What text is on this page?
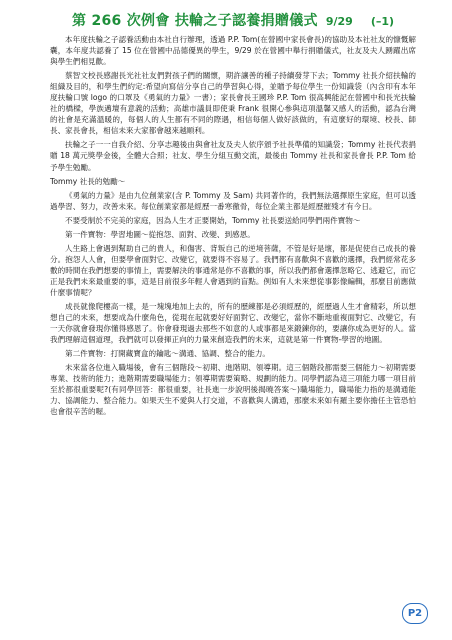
第 266 次例會 扶輪之子認養捐贈儀式 9/29 (–1)

本年度扶輪之子認養活動由本社自行辦理，透過 P.P. Tom(在營國中家長會長)的協助及本社社友的慷慨解囊，本年度共認養了 15 位在營國中品德優異的學生，9/29 於在營國中舉行捐贈儀式，社友及夫人踴躍出席與學生們相見歡。

蔡智文校長感謝長光社社友們對孩子們的關懷，期許讓善的種子持續發芽下去；Tommy 社長介紹扶輪的組織及目的，和學生們約定:希望向寫信分享自己的學習與心得，並贈予每位學生一份知識袋（內含印有本年度扶輪口號 logo 的口罩及《勇氣的力量》一書）；家長會長王國珍 P.P. Tom 很高興能記在營國中和長光扶輪社的橋樑，學族邁壇有意義的活動；高雄市議員即使秉 Frank 很開心參與這項溫馨又感人的活動，認為台灣的社會是充滿溫暖的，每個人的人生都有不同的際遇，相信每個人做好該做的，有這麼好的環境、校長、師長、家長會長，相信未來大家都會越來越順利。

扶輪之子一一自我介紹、分享志趣後由與會社友及夫人依序頒予社長準備的知識袋；Tommy 社長代表捐贈 18 萬元獎學金後，全體大合照；社友、學生分組互動交流，最後由 Tommy 社長和家長會長 P.P. Tom 給予學生勉勵。

Tommy 社長的勉勵～

《勇氣的力量》是由九位創業家(含 P. Tommy 及 Sam) 共同著作的，我們無法選擇原生家庭，但可以透過學習、努力，改善未來。每位創業家都是經歷一番寒徹骨，每位企業主都是經歷摧殘才有今日。

不要受制於不完美的家庭，因為人生才正要開始，Tommy 社長要送給同學們兩件寶物～

第一件寶物：學習地圖～從抱怨、面對、改變、到感恩。

人生路上會遇到幫助自己的貴人，和傷害、背叛自己的逆境菩薩，不管是好是壞，都是促使自己成長的養分。抱怨人人會，但要學會面對它、改變它，就要得不容易了。我們都有喜歡與不喜歡的選擇，我們經常花多數的時間在我們想要的事情上，需要解決的事通常是你不喜歡的事，所以我們都會選擇忽略它、逃避它，而它正是我們未來最重要的事，這是目前很多年輕人會遇到的盲點。例如有人未來想從事影像編輯，那麼目前應做什麼事情呢？

成長就像爬樓高一樣，是一塊塊地加上去的，所有的歷練都是必須經歷的，經歷過人生才會精彩，所以想想自己的未來，想要成為什麼角色，從現在起就要好好面對它、改變它，當你不斷地重複面對它、改變它，有一天你就會發現你懂得感恩了。你會發現過去那些不如意的人或事都是來鍛鍊你的，要讓你成為更好的人。當我們理解這個道理，我們就可以發揮正向的力量來創造我們的未來，這就是第一件寶物-學習的地圖。

第二件寶物：打開藏寶盒的鑰匙～溝通、協調、整合的能力。

未來當各位進入職場後，會有三個階段～初期、進階期、領導期。這三個階段都需要三個能力～初期需要專業、技術的能力；進階期需要職場能力；領導期需要策略、規劃的能力。同學們認為這三項能力哪一項目前至於都很重要呢?(有同學回答：都很重要，社長進一步說明後揭曉答案～)職場能力，職場能力指的是溝通能力、協調能力、整合能力。如果天生不愛與人打交道，不喜歡與人溝通，那麼未來如有羅主要你擔任主管恐怕也會很辛苦的喔。

P2
